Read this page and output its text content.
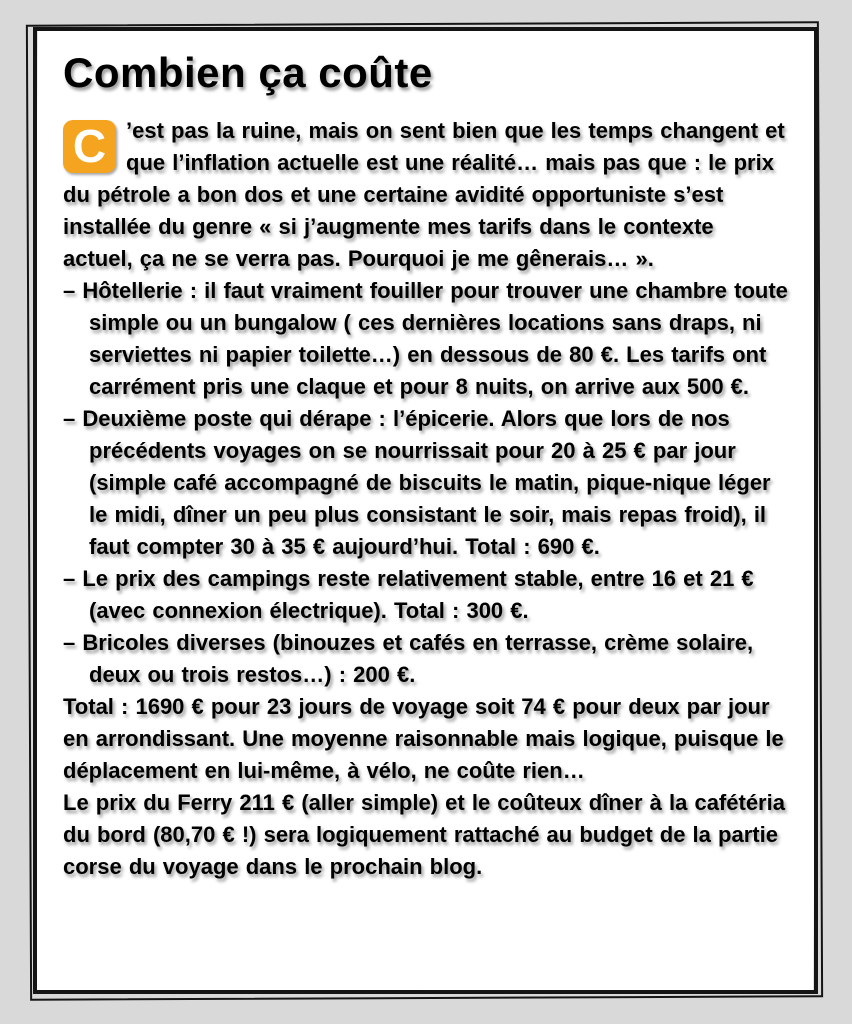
Combien ça coûte

C ’est pas la ruine, mais on sent bien que les temps changent et que l’inflation actuelle est une réalité… mais pas que : le prix du pétrole a bon dos et une certaine avidité opportuniste s’est installée du genre « si j’augmente mes tarifs dans le contexte actuel, ça ne se verra pas. Pourquoi je me gênerais… ».

– Hôtellerie : il faut vraiment fouiller pour trouver une chambre toute simple ou un bungalow ( ces dernières locations sans draps, ni serviettes ni papier toilette…) en dessous de 80 €. Les tarifs ont carrément pris une claque et pour 8 nuits, on arrive aux 500 €.

– Deuxième poste qui dérape : l’épicerie. Alors que lors de nos précédents voyages on se nourrissait pour 20 à 25 € par jour (simple café accompagné de biscuits le matin, pique-nique léger le midi, dîner un peu plus consistant le soir, mais repas froid), il faut compter 30 à 35 € aujourd’hui. Total : 690 €.

– Le prix des campings reste relativement stable, entre 16 et 21 € (avec connexion électrique). Total : 300 €.

– Bricoles diverses (binouzes et cafés en terrasse, crème solaire, deux ou trois restos…) : 200 €.

Total : 1690 € pour 23 jours de voyage soit 74 € pour deux par jour en arrondissant. Une moyenne raisonnable mais logique, puisque le déplacement en lui-même, à vélo, ne coûte rien…

Le prix du Ferry 211 € (aller simple) et le coûteux dîner à la cafétéria du bord (80,70 € !) sera logiquement rattaché au budget de la partie corse du voyage dans le prochain blog.
